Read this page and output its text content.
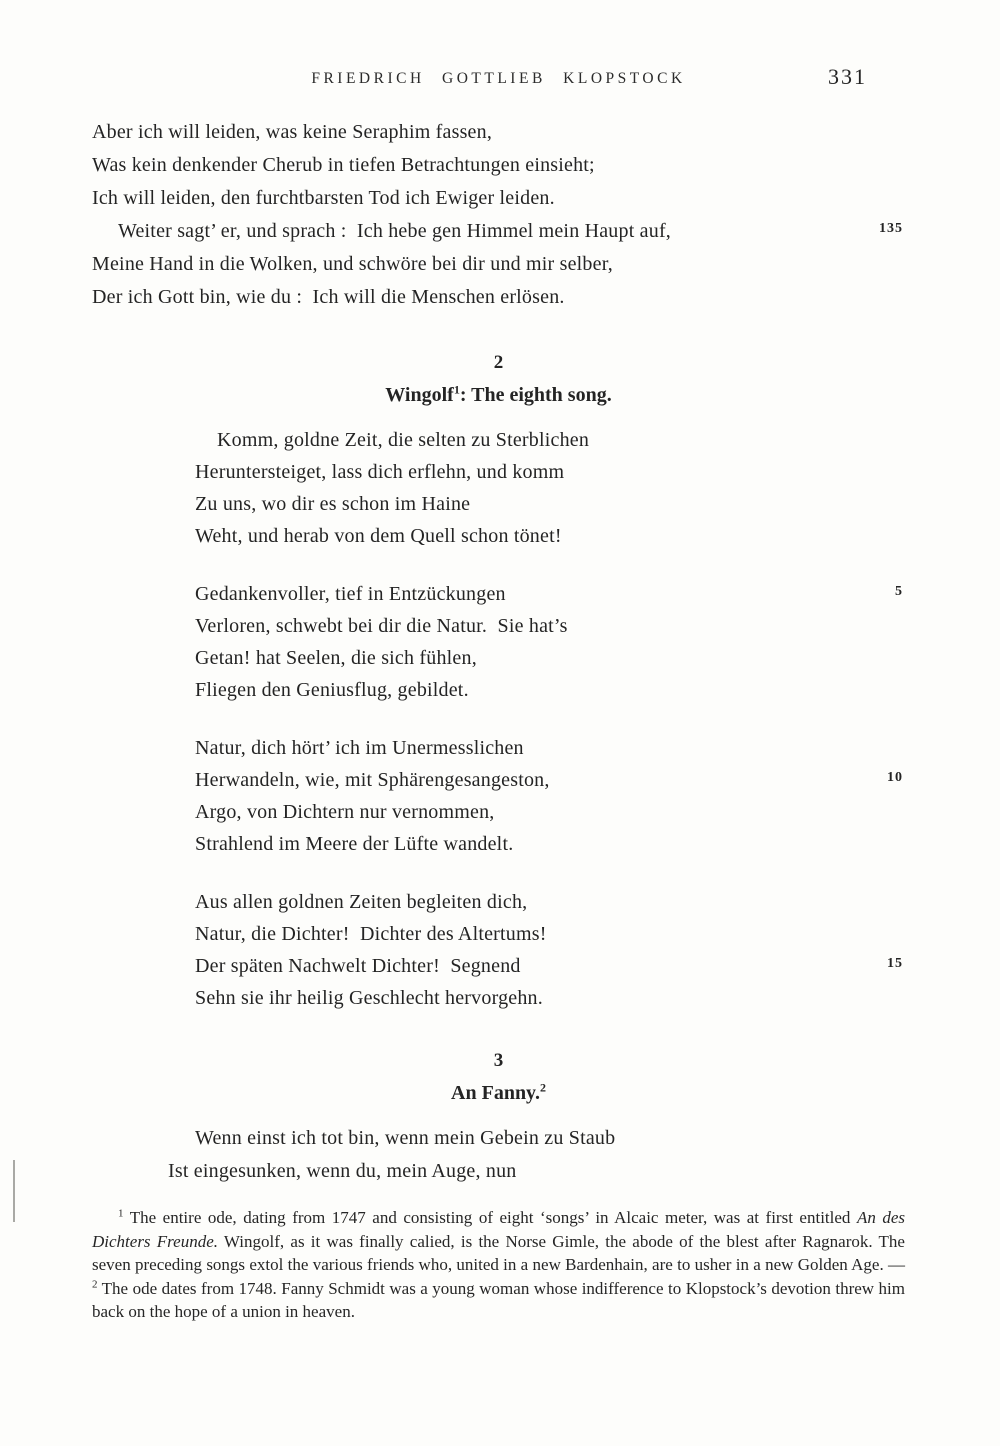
FRIEDRICH GOTTLIEB KLOPSTOCK	331
Aber ich will leiden, was keine Seraphim fassen,
Was kein denkender Cherub in tiefen Betrachtungen einsieht;
Ich will leiden, den furchtbarsten Tod ich Ewiger leiden.
Weiter sagt’ er, und sprach :  Ich hebe gen Himmel mein Haupt auf,	135
Meine Hand in die Wolken, und schwöre bei dir und mir selber,
Der ich Gott bin, wie du :  Ich will die Menschen erlösen.
2
Wingolf$^1$: The eighth song.
Komm, goldne Zeit, die selten zu Sterblichen
Heruntersteiget, lass dich erflehn, und komm
Zu uns, wo dir es schon im Haine
Weht, und herab von dem Quell schon tönet!
Gedankenvoller, tief in Entzückungen	5
Verloren, schwebt bei dir die Natur.  Sie hat’s
Getan! hat Seelen, die sich fühlen,
Fliegen den Geniusflug, gebildet.
Natur, dich hört’ ich im Unermesslichen
Herwandeln, wie, mit Sphärengesangeston,	10
Argo, von Dichtern nur vernommen,
Strahlend im Meere der Lüfte wandelt.
Aus allen goldnen Zeiten begleiten dich,
Natur, die Dichter!  Dichter des Altertums!
Der späten Nachwelt Dichter!  Segnend	15
Sehn sie ihr heilig Geschlecht hervorgehn.
3
An Fanny.$^2$
Wenn einst ich tot bin, wenn mein Gebein zu Staub
Ist eingesunken, wenn du, mein Auge, nun
$^1$ The entire ode, dating from 1747 and consisting of eight ‘songs’ in Alcaic meter, was at first entitled An des Dichters Freunde. Wingolf, as it was finally calied, is the Norse Gimle, the abode of the blest after Ragnarok. The seven preceding songs extol the various friends who, united in a new Bardenhain, are to usher in a new Golden Age. — $^2$ The ode dates from 1748. Fanny Schmidt was a young woman whose indifference to Klopstock’s devotion threw him back on the hope of a union in heaven.
